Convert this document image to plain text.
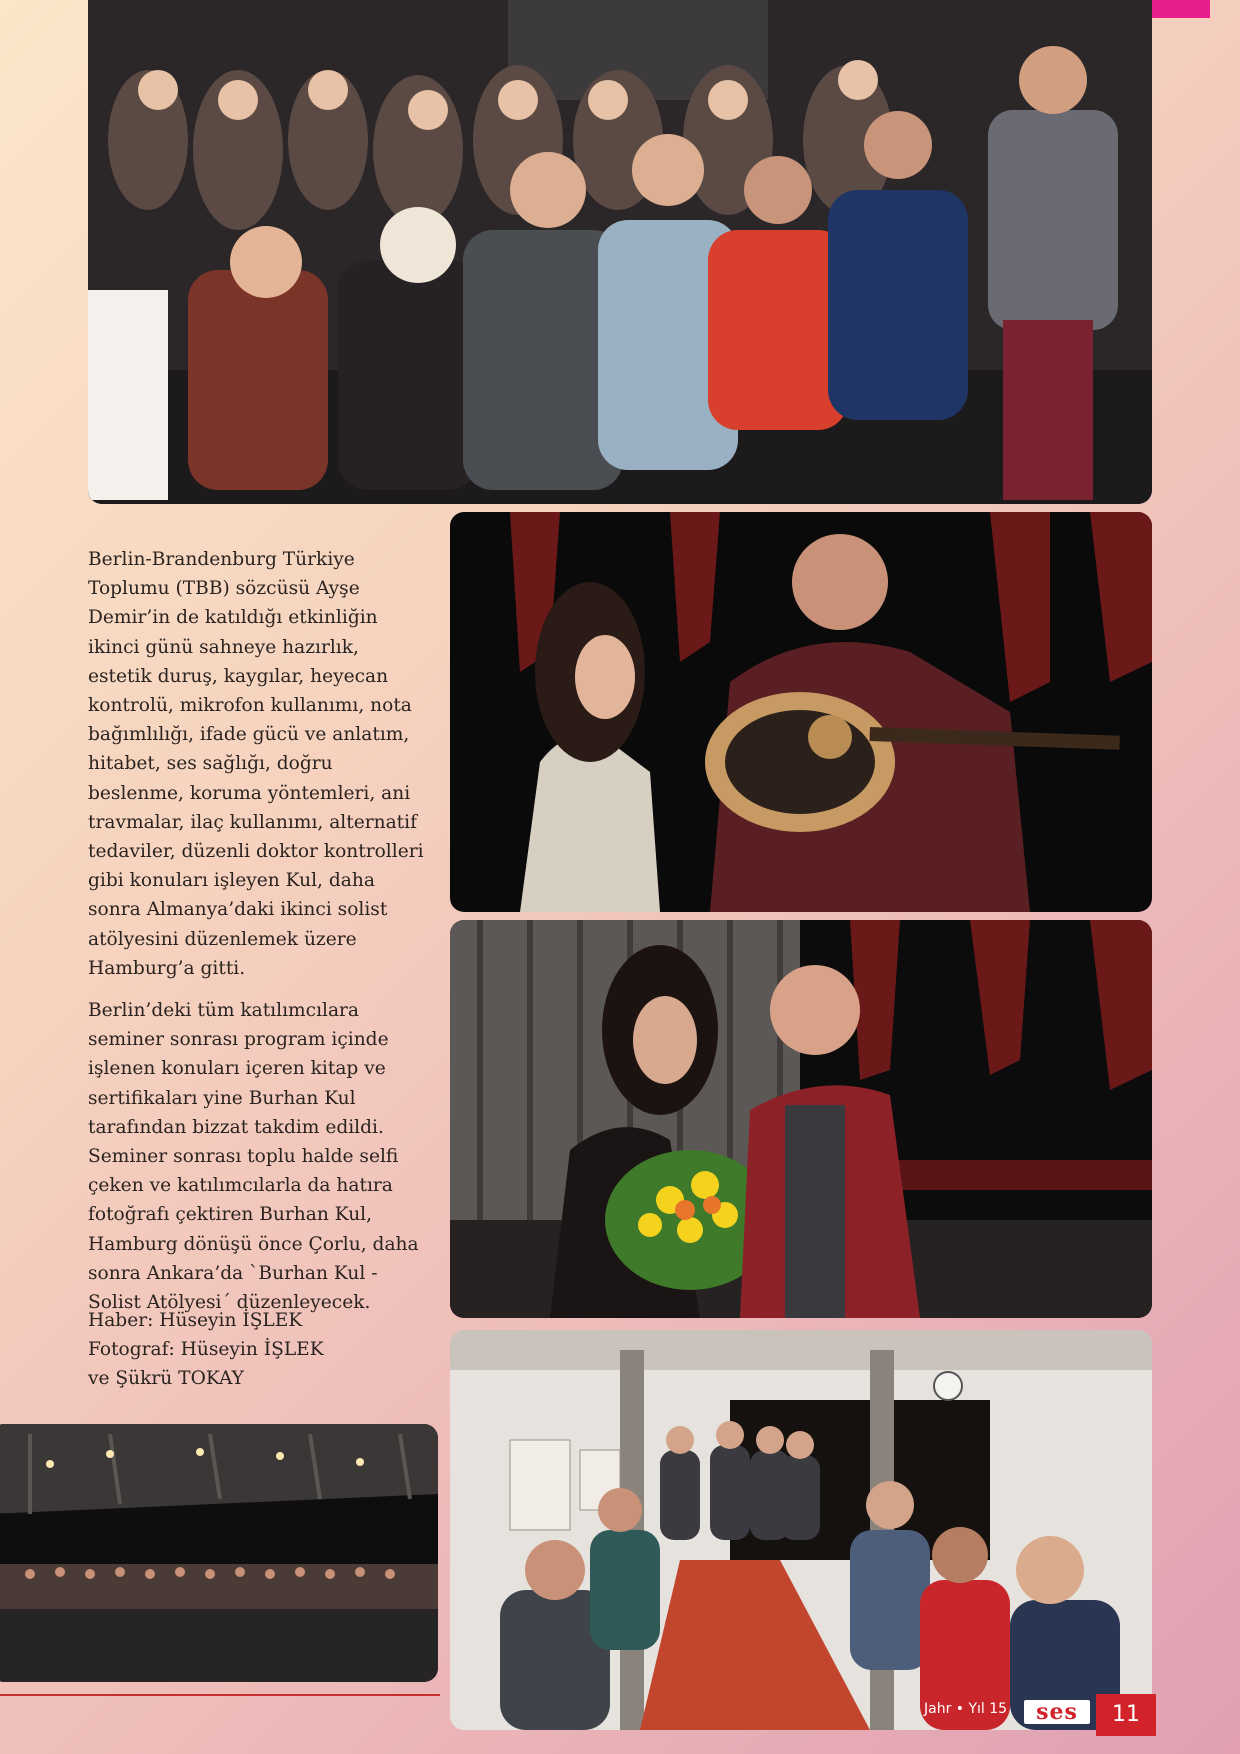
Berlin-Brandenburg Türkiye Toplumu (TBB) sözcüsü Ayşe Demir’in de katıldığı etkinliğin ikinci günü sahneye hazırlık, estetik duruş, kaygılar, heyecan kontrolü, mikrofon kullanımı, nota bağımlılığı, ifade gücü ve anlatım, hitabet, ses sağlığı, doğru beslenme, koruma yöntemleri, ani travmalar, ilaç kullanımı, alternatif tedaviler, düzenli doktor kontrolleri gibi konuları işleyen Kul, daha sonra Almanya’daki ikinci solist atölyesini düzenlemek üzere Hamburg’a gitti.

Berlin’deki tüm katılımcılara seminer sonrası program içinde işlenen konuları içeren kitap ve sertifikaları yine Burhan Kul tarafından bizzat takdim edildi. Seminer sonrası toplu halde selfi çeken ve katılımcılarla da hatıra fotoğrafı çektiren Burhan Kul, Hamburg dönüşü önce Çorlu, daha sonra Ankara’da `Burhan Kul - Solist Atölyesi´ düzenleyecek.

Haber: Hüseyin İŞLEK
Fotograf: Hüseyin İŞLEK
ve Şükrü TOKAY
Jahr • Yıl 15	ses	11
